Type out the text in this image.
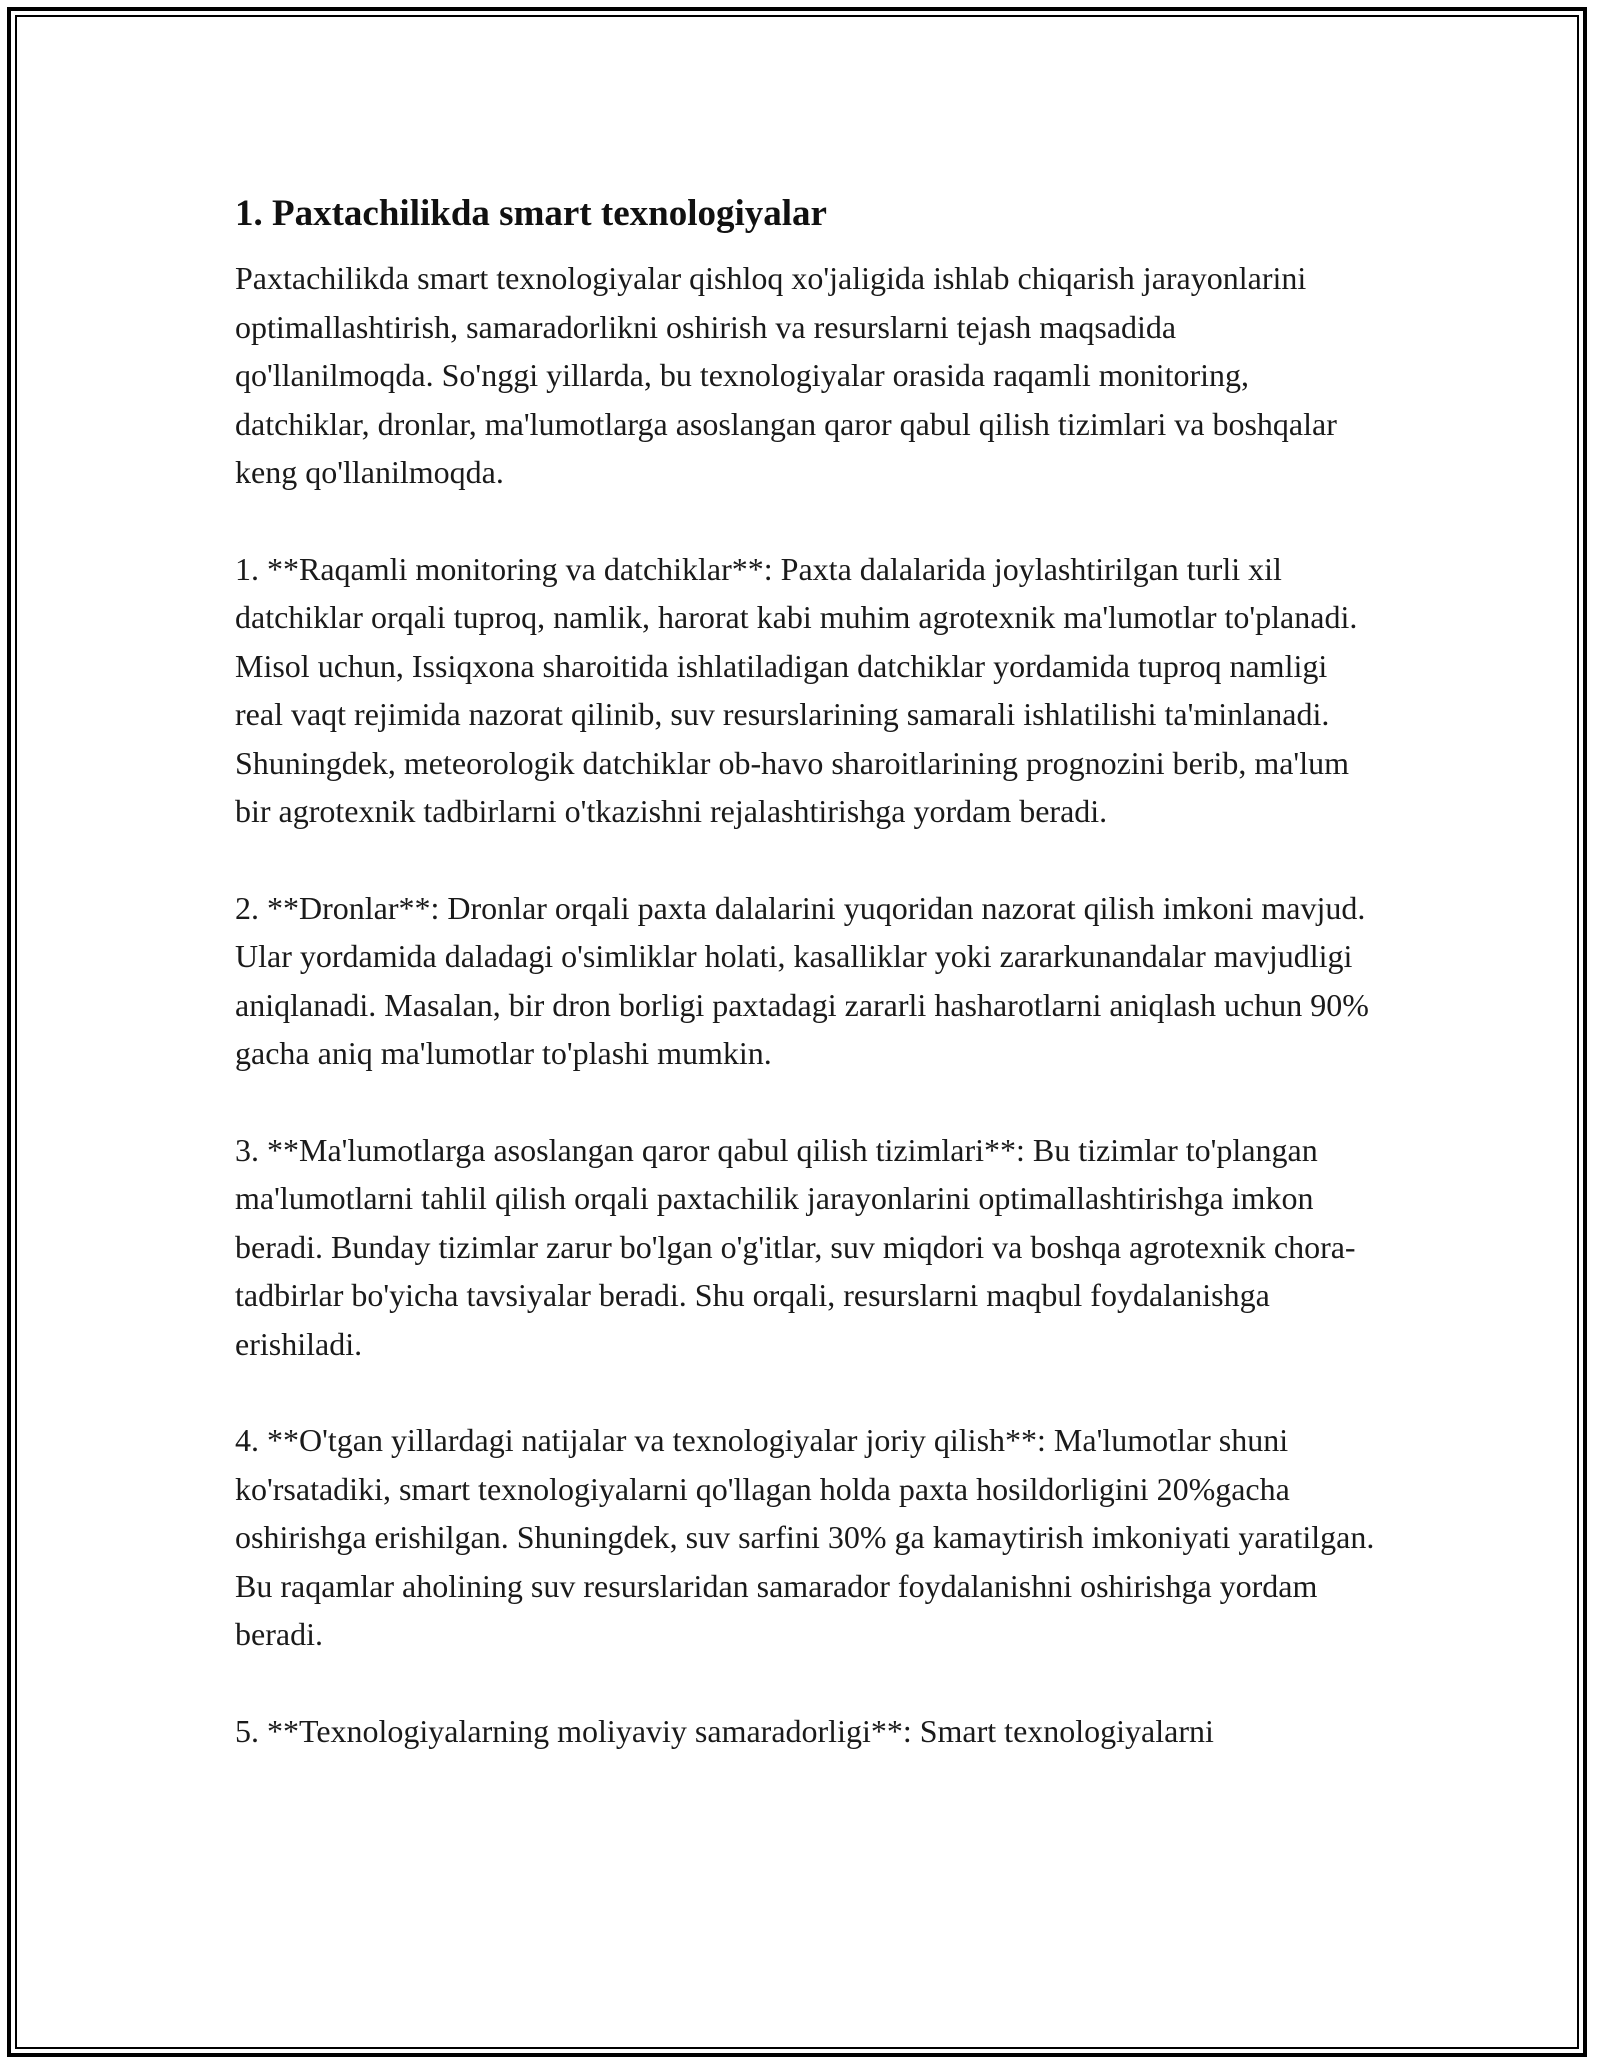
1. Paxtachilikda smart texnologiyalar

Paxtachilikda smart texnologiyalar qishloq xo'jaligida ishlab chiqarish jarayonlarini optimallashtirish, samaradorlikni oshirish va resurslarni tejash maqsadida qo'llanilmoqda. So'nggi yillarda, bu texnologiyalar orasida raqamli monitoring, datchiklar, dronlar, ma'lumotlarga asoslangan qaror qabul qilish tizimlari va boshqalar keng qo'llanilmoqda.

1. **Raqamli monitoring va datchiklar**: Paxta dalalarida joylashtirilgan turli xil datchiklar orqali tuproq, namlik, harorat kabi muhim agrotexnik ma'lumotlar to'planadi. Misol uchun, Issiqxona sharoitida ishlatiladigan datchiklar yordamida tuproq namligi real vaqt rejimida nazorat qilinib, suv resurslarining samarali ishlatilishi ta'minlanadi. Shuningdek, meteorologik datchiklar ob-havo sharoitlarining prognozini berib, ma'lum bir agrotexnik tadbirlarni o'tkazishni rejalashtirishga yordam beradi.

2. **Dronlar**: Dronlar orqali paxta dalalarini yuqoridan nazorat qilish imkoni mavjud. Ular yordamida daladagi o'simliklar holati, kasalliklar yoki zararkunandalar mavjudligi aniqlanadi. Masalan, bir dron borligi paxtadagi zararli hasharotlarni aniqlash uchun 90% gacha aniq ma'lumotlar to'plashi mumkin.

3. **Ma'lumotlarga asoslangan qaror qabul qilish tizimlari**: Bu tizimlar to'plangan ma'lumotlarni tahlil qilish orqali paxtachilik jarayonlarini optimallashtirishga imkon beradi. Bunday tizimlar zarur bo'lgan o'g'itlar, suv miqdori va boshqa agrotexnik chora-tadbirlar bo'yicha tavsiyalar beradi. Shu orqali, resurslarni maqbul foydalanishga erishiladi.

4. **O'tgan yillardagi natijalar va texnologiyalar joriy qilish**: Ma'lumotlar shuni ko'rsatadiki, smart texnologiyalarni qo'llagan holda paxta hosildorligini 20%gacha oshirishga erishilgan. Shuningdek, suv sarfini 30% ga kamaytirish imkoniyati yaratilgan. Bu raqamlar aholining suv resurslaridan samarador foydalanishni oshirishga yordam beradi.

5. **Texnologiyalarning moliyaviy samaradorligi**: Smart texnologiyalarni
